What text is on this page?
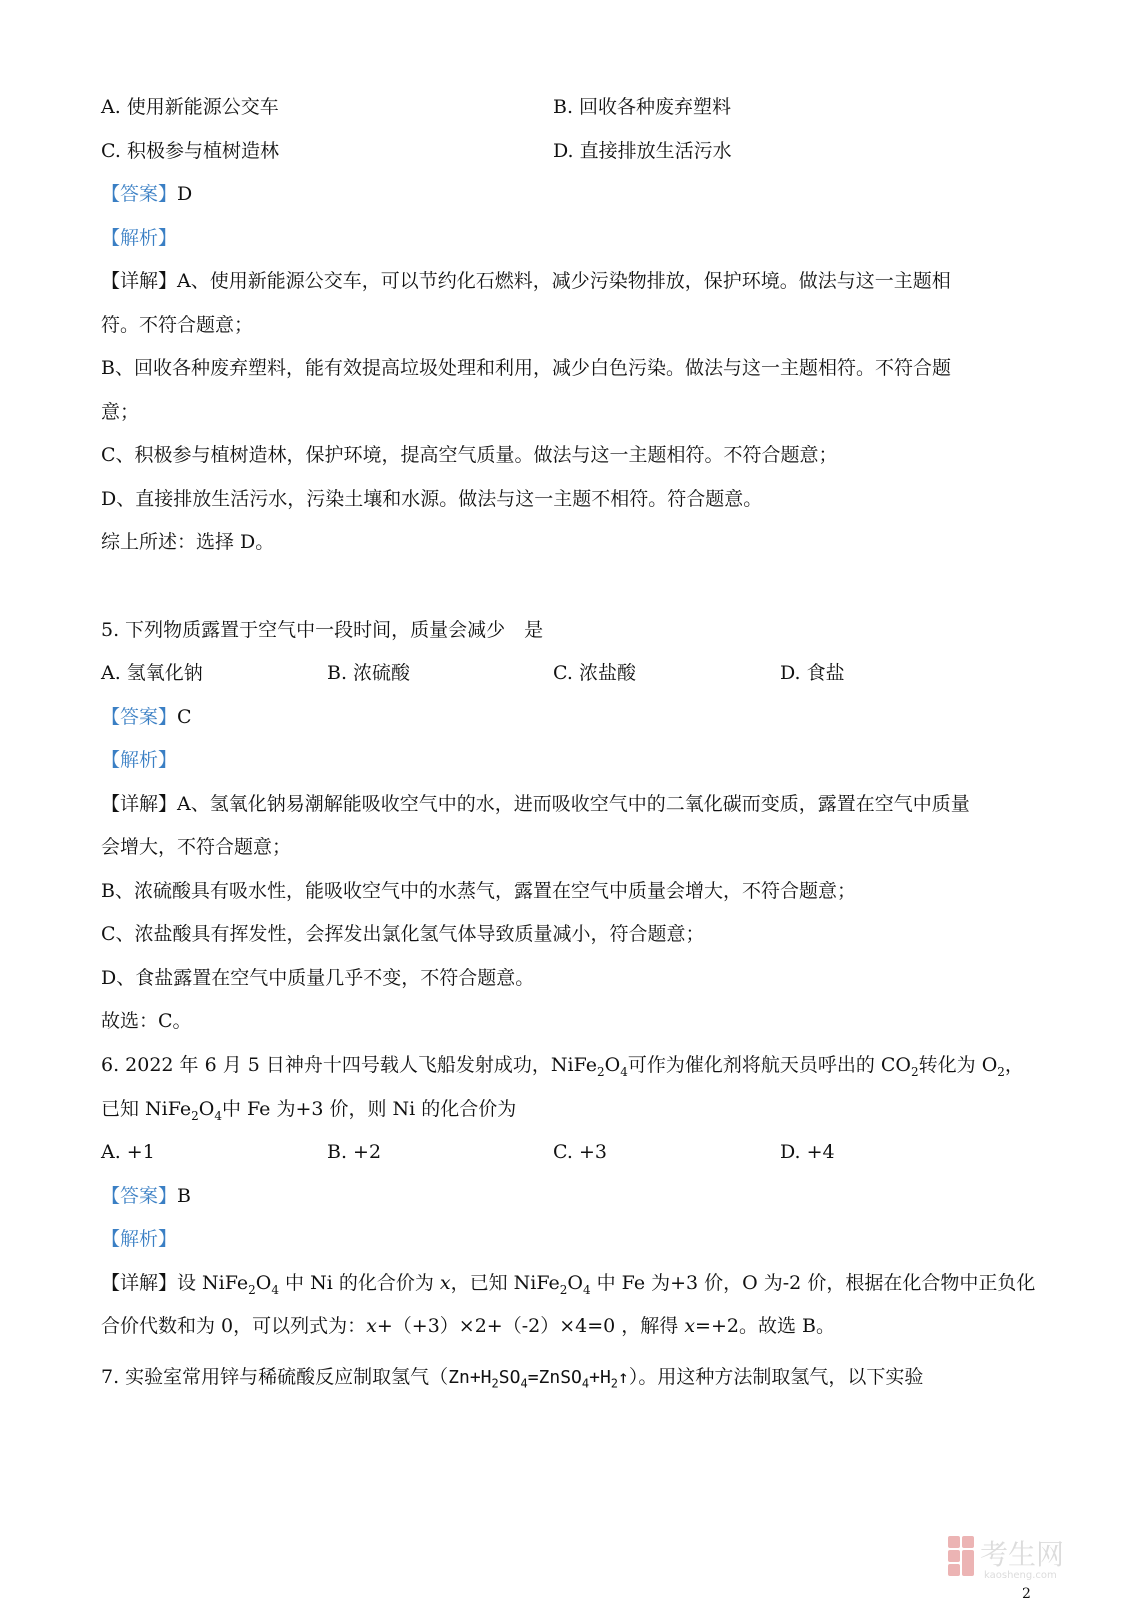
A. 使用新能源公交车	B. 回收各种废弃塑料
C. 积极参与植树造林	D. 直接排放生活污水
【答案】D
【解析】
【详解】A、使用新能源公交车，可以节约化石燃料，减少污染物排放，保护环境。做法与这一主题相
符。不符合题意；
B、回收各种废弃塑料，能有效提高垃圾处理和利用，减少白色污染。做法与这一主题相符。不符合题
意；
C、积极参与植树造林，保护环境，提高空气质量。做法与这一主题相符。不符合题意；
D、直接排放生活污水，污染土壤和水源。做法与这一主题不相符。符合题意。
综上所述：选择 D。
5. 下列物质露置于空气中一段时间，质量会减少　是
A. 氢氧化钠	B. 浓硫酸	C. 浓盐酸	D. 食盐
【答案】C
【解析】
【详解】A、氢氧化钠易潮解能吸收空气中的水，进而吸收空气中的二氧化碳而变质，露置在空气中质量
会增大，不符合题意；
B、浓硫酸具有吸水性，能吸收空气中的水蒸气，露置在空气中质量会增大，不符合题意；
C、浓盐酸具有挥发性，会挥发出氯化氢气体导致质量减小，符合题意；
D、食盐露置在空气中质量几乎不变，不符合题意。
故选：C。
6. 2022 年 6 月 5 日神舟十四号载人飞船发射成功，$NiFe_2O_4$可作为催化剂将航天员呼出的 $CO_2$转化为 $O_2$，
已知 $NiFe_2O_4$中 Fe 为+3 价，则 Ni 的化合价为
A. +1	B. +2	C. +3	D. +4
【答案】B
【解析】
【详解】设 $NiFe_2O_4$ 中 Ni 的化合价为 x，已知 $NiFe_2O_4$ 中 Fe 为+3 价，O 为-2 价，根据在化合物中正负化
合价代数和为 0，可以列式为：x+（+3）×2+（-2）×4=0 ，解得 x=+2。故选 B。
7. 实验室常用锌与稀硫酸反应制取氢气$(Zn+H_2SO_4=ZnSO_4+H_2↑)$。用这种方法制取氢气，以下实验
考生网
kaosheng.com
2
